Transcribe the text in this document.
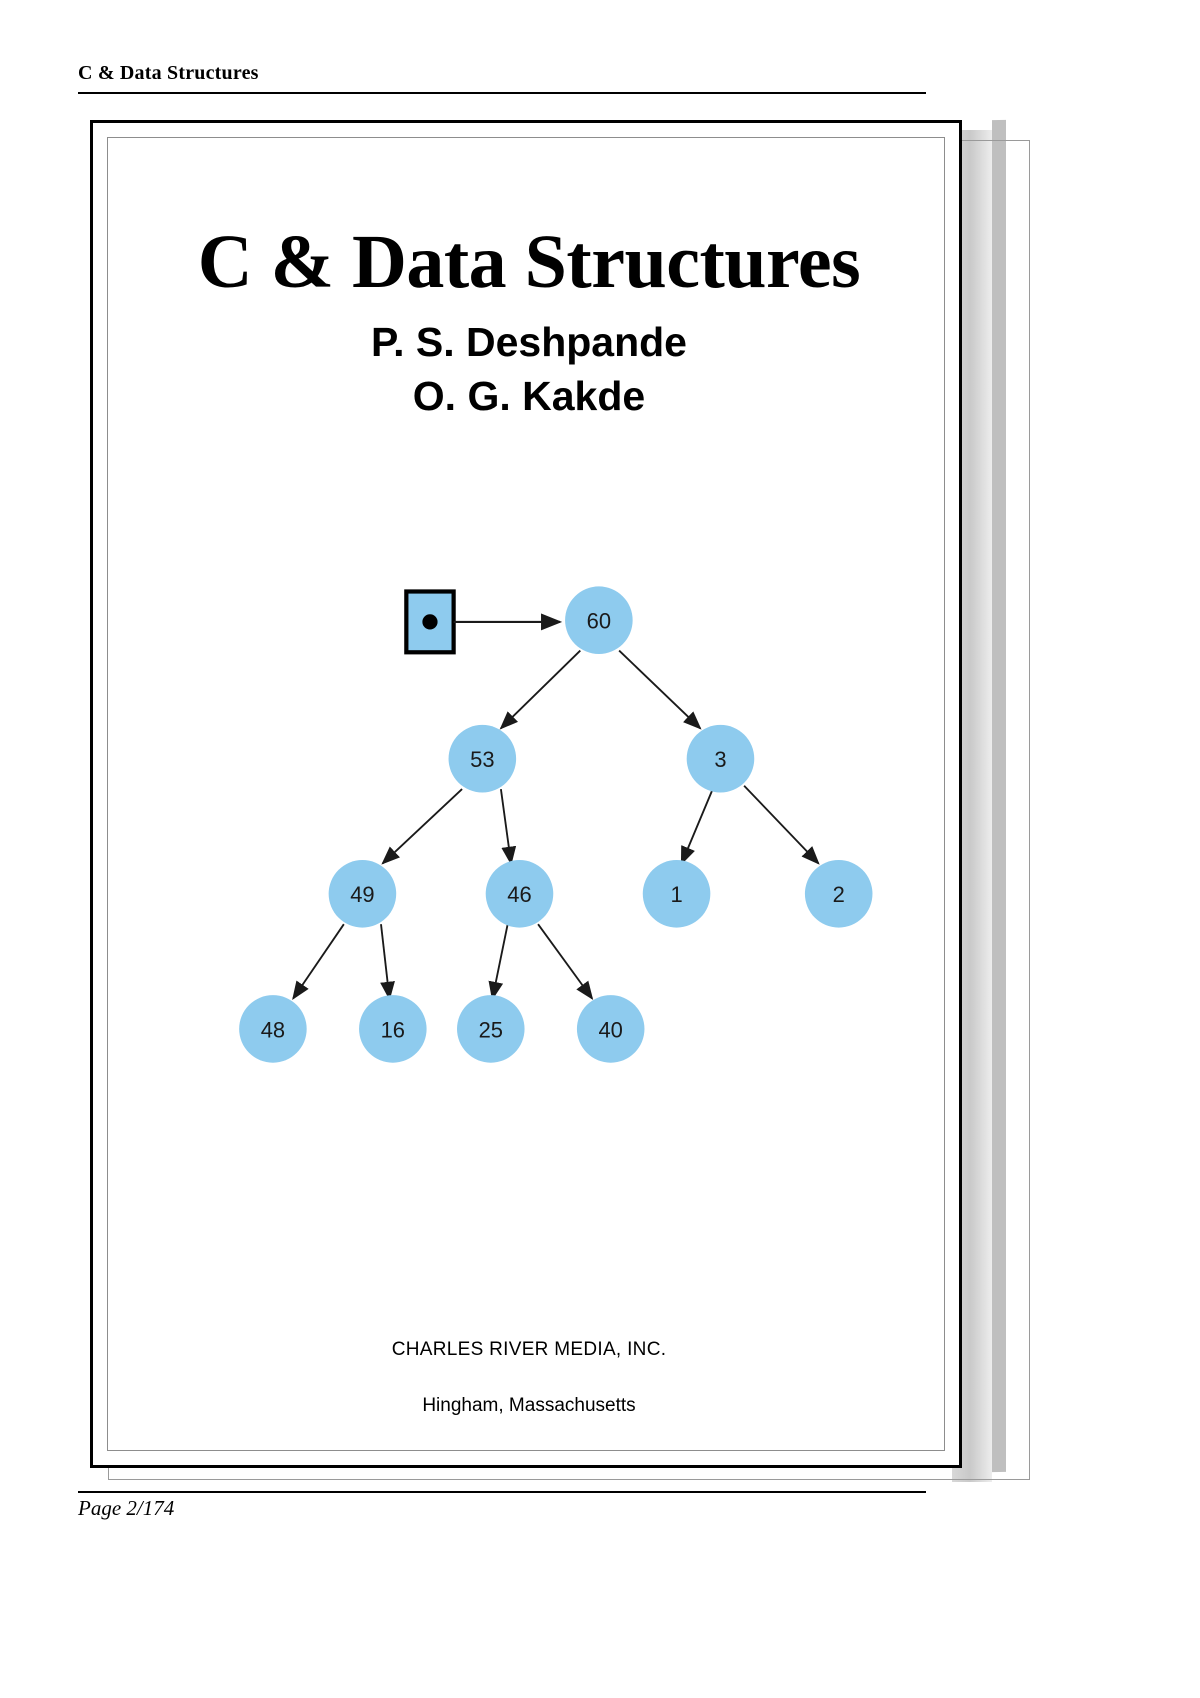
C & Data Structures
C & Data Structures
P. S. Deshpande
O. G. Kakde
60
53	3
49	46	1	2
48	16	25	40
CHARLES RIVER MEDIA, INC.
Hingham, Massachusetts
Page 2/174
